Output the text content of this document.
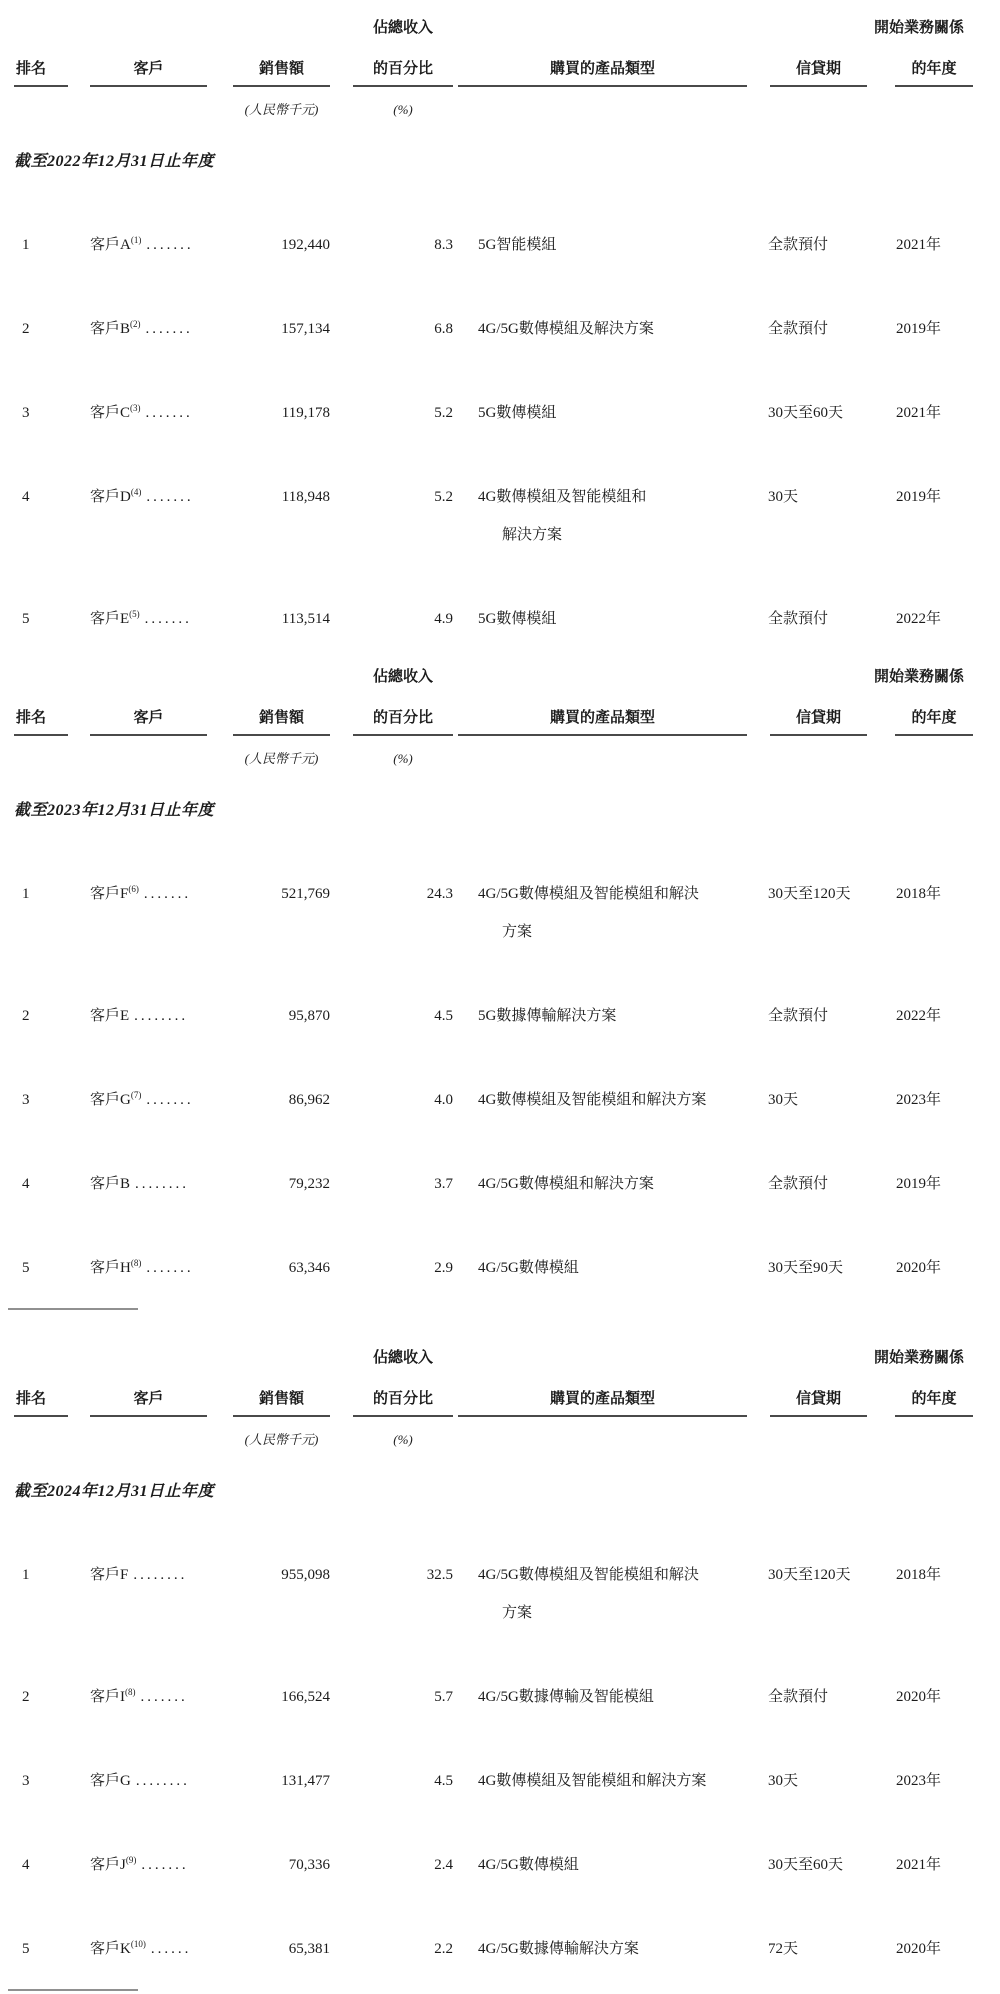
			佔總收入			開始業務關係

排名	客戶	銷售額	的百分比	購買的產品類型	信貸期	的年度

		(人民幣千元)	(%)			

截至2022年12月31日止年度						
1	客戶$A^{(1)}$ .......	192,440	8.3	5G智能模組	全款預付	2021年
2	客戶$B^{(2)}$ .......	157,134	6.8	4G/5G數傳模組及解決方案	全款預付	2019年
3	客戶$C^{(3)}$ .......	119,178	5.2	5G數傳模組	30天至60天	2021年
4	客戶$D^{(4)}$ .......	118,948	5.2	4G數傳模組及智能模組和
解決方案	30天	2019年
5	客戶$E^{(5)}$ .......	113,514	4.9	5G數傳模組	全款預付	2022年

			佔總收入			開始業務關係

排名	客戶	銷售額	的百分比	購買的產品類型	信貸期	的年度

		(人民幣千元)	(%)			

截至2023年12月31日止年度						
1	客戶$F^{(6)}$ .......	521,769	24.3	4G/5G數傳模組及智能模組和解決
方案	30天至120天	2018年
2	客戶E ........	95,870	4.5	5G數據傳輸解決方案	全款預付	2022年
3	客戶$G^{(7)}$ .......	86,962	4.0	4G數傳模組及智能模組和解決方案	30天	2023年
4	客戶B ........	79,232	3.7	4G/5G數傳模組和解決方案	全款預付	2019年
5	客戶$H^{(8)}$ .......	63,346	2.9	4G/5G數傳模組	30天至90天	2020年

			佔總收入			開始業務關係

排名	客戶	銷售額	的百分比	購買的產品類型	信貸期	的年度

		(人民幣千元)	(%)			

截至2024年12月31日止年度						
1	客戶F ........	955,098	32.5	4G/5G數傳模組及智能模組和解決
方案	30天至120天	2018年
2	客戶$I^{(8)}$ .......	166,524	5.7	4G/5G數據傳輸及智能模組	全款預付	2020年
3	客戶G ........	131,477	4.5	4G數傳模組及智能模組和解決方案	30天	2023年
4	客戶$J^{(9)}$ .......	70,336	2.4	4G/5G數傳模組	30天至60天	2021年
5	客戶$K^{(10)}$ ......	65,381	2.2	4G/5G數據傳輸解決方案	72天	2020年
